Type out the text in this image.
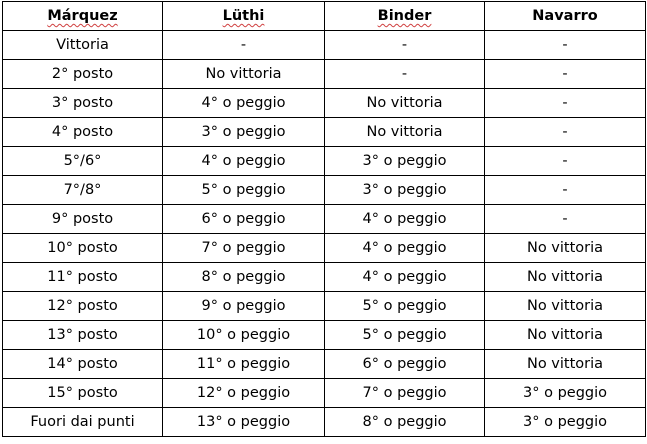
Márquez	Lüthi	Binder	Navarro
Vittoria	-	-	-
2° posto	No vittoria	-	-
3° posto	4° o peggio	No vittoria	-
4° posto	3° o peggio	No vittoria	-
5°/6°	4° o peggio	3° o peggio	-
7°/8°	5° o peggio	3° o peggio	-
9° posto	6° o peggio	4° o peggio	-
10° posto	7° o peggio	4° o peggio	No vittoria
11° posto	8° o peggio	4° o peggio	No vittoria
12° posto	9° o peggio	5° o peggio	No vittoria
13° posto	10° o peggio	5° o peggio	No vittoria
14° posto	11° o peggio	6° o peggio	No vittoria
15° posto	12° o peggio	7° o peggio	3° o peggio
Fuori dai punti	13° o peggio	8° o peggio	3° o peggio
